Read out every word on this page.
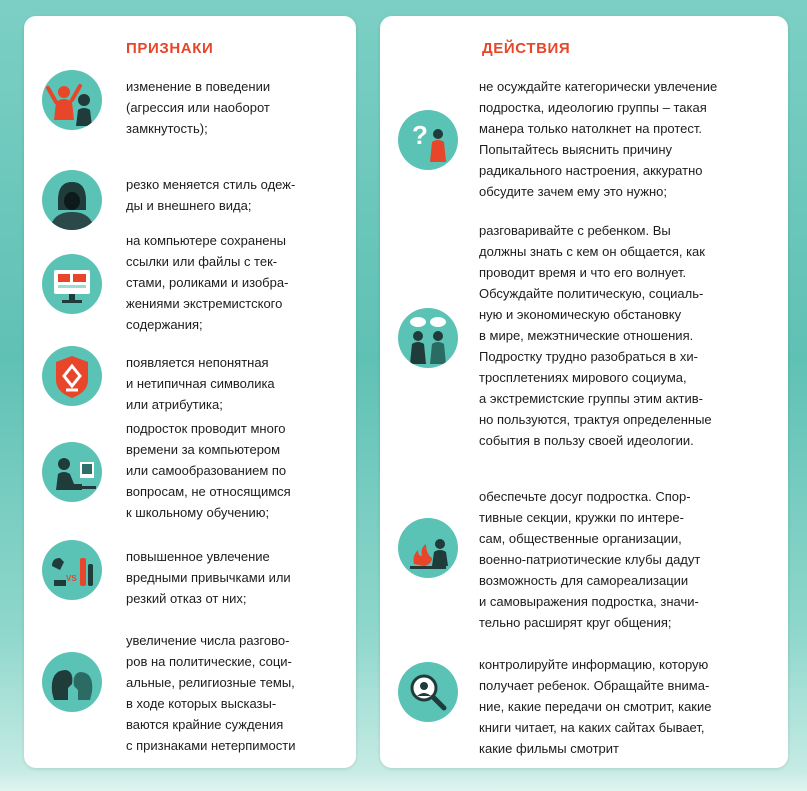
ПРИЗНАКИ
изменение в поведении
(агрессия или наоборот
замкнутость);
резко меняется стиль одеж-
ды и внешнего вида;
на компьютере сохранены
ссылки или файлы с тек-
стами, роликами и изобра-
жениями экстремистского
содержания;
появляется непонятная
и нетипичная символика
или атрибутика;
подросток проводит много
времени за компьютером
или самообразованием по
вопросам, не относящимся
к школьному обучению;
VS
повышенное увлечение
вредными привычками или
резкий отказ от них;
увеличение числа разгово-
ров на политические, соци-
альные, религиозные темы,
в ходе которых высказы-
ваются крайние суждения
с признаками нетерпимости
ДЕЙСТВИЯ
?
не осуждайте категорически увлечение
подростка, идеологию группы – такая
манера только натолкнет на протест.
Попытайтесь выяснить причину
радикального настроения, аккуратно
обсудите зачем ему это нужно;
разговаривайте с ребенком. Вы
должны знать с кем он общается, как
проводит время и что его волнует.
Обсуждайте политическую, социаль-
ную и экономическую обстановку
в мире, межэтнические отношения.
Подростку трудно разобраться в хи-
тросплетениях мирового социума,
а экстремистские группы этим актив‑
но пользуются, трактуя определенные
события в пользу своей идеологии.
обеспечьте досуг подростка. Спор-
тивные секции, кружки по интере-
сам, общественные организации,
военно-патриотические клубы дадут
возможность для самореализации
и самовыражения подростка, значи-
тельно расширят круг общения;
контролируйте информацию, которую
получает ребенок. Обращайте внима-
ние, какие передачи он смотрит, какие
книги читает, на каких сайтах бывает,
какие фильмы смотрит
